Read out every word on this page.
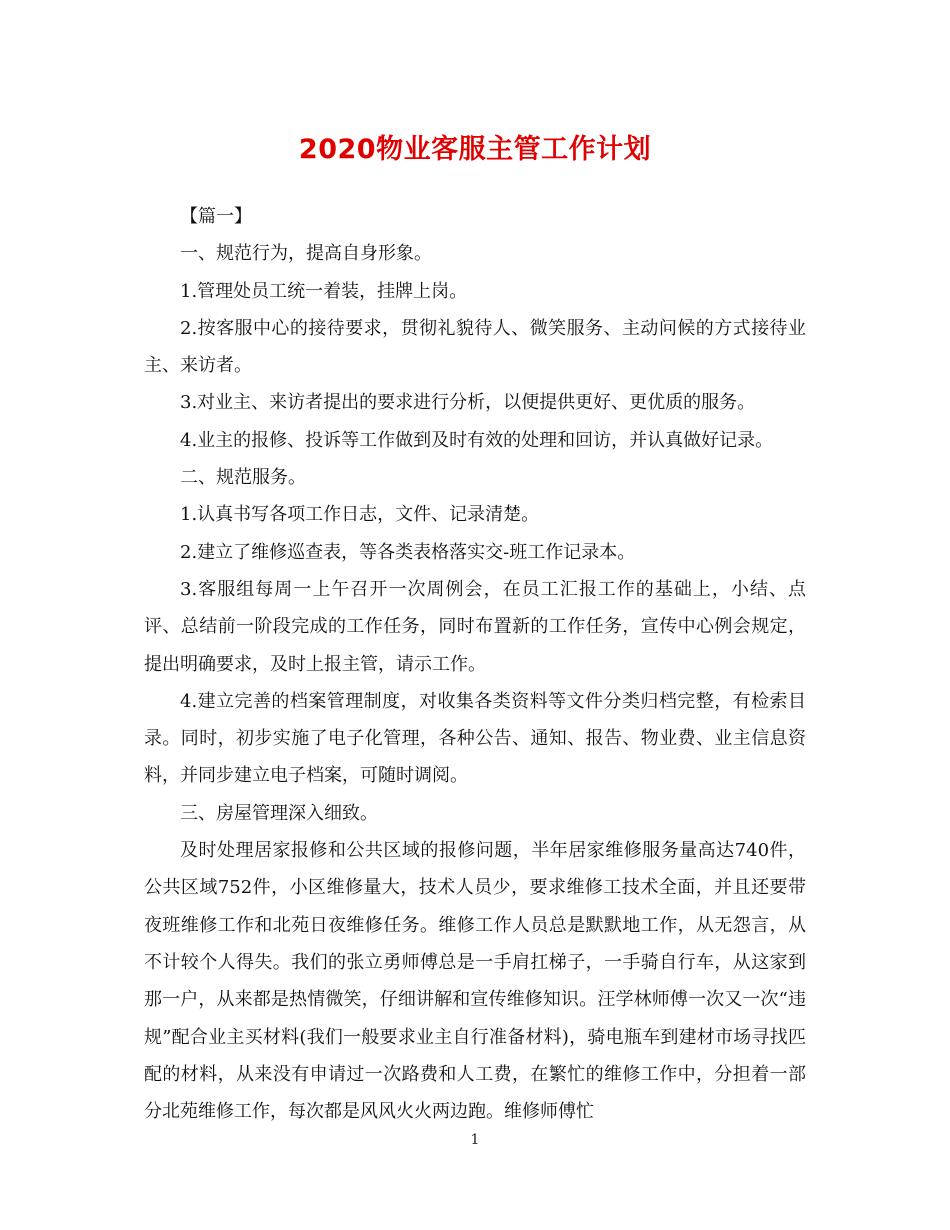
2020物业客服主管工作计划

【篇一】

一、规范行为，提高自身形象。

1.管理处员工统一着装，挂牌上岗。

2.按客服中心的接待要求，贯彻礼貌待人、微笑服务、主动问候的方式接待业主、来访者。

3.对业主、来访者提出的要求进行分析，以便提供更好、更优质的服务。

4.业主的报修、投诉等工作做到及时有效的处理和回访，并认真做好记录。

二、规范服务。

1.认真书写各项工作日志，文件、记录清楚。

2.建立了维修巡查表，等各类表格落实交-班工作记录本。

3.客服组每周一上午召开一次周例会，在员工汇报工作的基础上，小结、点评、总结前一阶段完成的工作任务，同时布置新的工作任务，宣传中心例会规定，提出明确要求，及时上报主管，请示工作。

4.建立完善的档案管理制度，对收集各类资料等文件分类归档完整，有检索目录。同时，初步实施了电子化管理，各种公告、通知、报告、物业费、业主信息资料，并同步建立电子档案，可随时调阅。

三、房屋管理深入细致。

及时处理居家报修和公共区域的报修问题，半年居家维修服务量高达740件，公共区域752件，小区维修量大，技术人员少，要求维修工技术全面，并且还要带夜班维修工作和北苑日夜维修任务。维修工作人员总是默默地工作，从无怨言，从不计较个人得失。我们的张立勇师傅总是一手肩扛梯子，一手骑自行车，从这家到那一户，从来都是热情微笑，仔细讲解和宣传维修知识。汪学林师傅一次又一次“违规”配合业主买材料(我们一般要求业主自行准备材料)，骑电瓶车到建材市场寻找匹配的材料，从来没有申请过一次路费和人工费，在繁忙的维修工作中，分担着一部分北苑维修工作，每次都是风风火火两边跑。维修师傅忙

1
